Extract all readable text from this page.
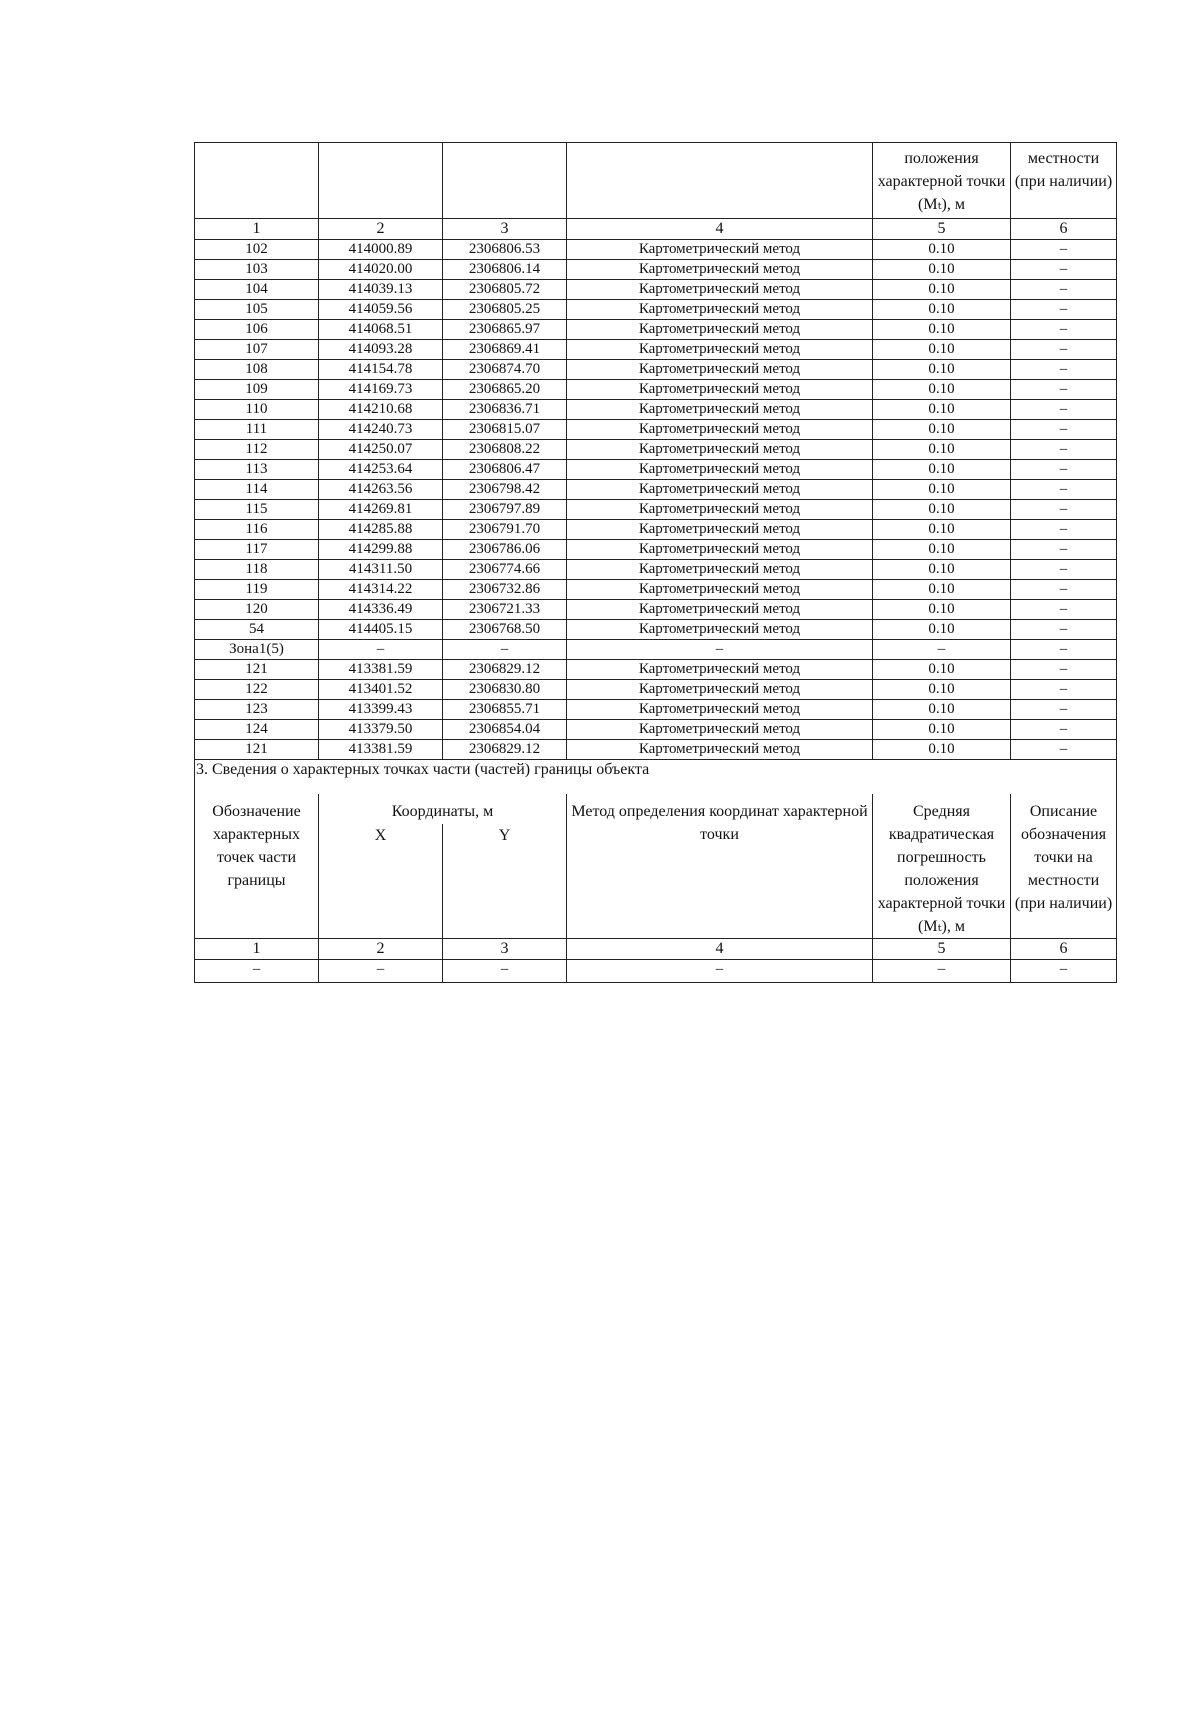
				положения характерной точки (Mₜ), м	местности (при наличии)
1	2	3	4	5	6
102	414000.89	2306806.53	Картометрический метод	0.10	–
103	414020.00	2306806.14	Картометрический метод	0.10	–
104	414039.13	2306805.72	Картометрический метод	0.10	–
105	414059.56	2306805.25	Картометрический метод	0.10	–
106	414068.51	2306865.97	Картометрический метод	0.10	–
107	414093.28	2306869.41	Картометрический метод	0.10	–
108	414154.78	2306874.70	Картометрический метод	0.10	–
109	414169.73	2306865.20	Картометрический метод	0.10	–
110	414210.68	2306836.71	Картометрический метод	0.10	–
111	414240.73	2306815.07	Картометрический метод	0.10	–
112	414250.07	2306808.22	Картометрический метод	0.10	–
113	414253.64	2306806.47	Картометрический метод	0.10	–
114	414263.56	2306798.42	Картометрический метод	0.10	–
115	414269.81	2306797.89	Картометрический метод	0.10	–
116	414285.88	2306791.70	Картометрический метод	0.10	–
117	414299.88	2306786.06	Картометрический метод	0.10	–
118	414311.50	2306774.66	Картометрический метод	0.10	–
119	414314.22	2306732.86	Картометрический метод	0.10	–
120	414336.49	2306721.33	Картометрический метод	0.10	–
54	414405.15	2306768.50	Картометрический метод	0.10	–
Зона1(5)	–	–	–	–	–
121	413381.59	2306829.12	Картометрический метод	0.10	–
122	413401.52	2306830.80	Картометрический метод	0.10	–
123	413399.43	2306855.71	Картометрический метод	0.10	–
124	413379.50	2306854.04	Картометрический метод	0.10	–
121	413381.59	2306829.12	Картометрический метод	0.10	–
3. Сведения о характерных точках части (частей) границы объекта					
Обозначение характерных точек части границы	Координаты, м		Метод определения координат характерной точки	Средняя квадратическая погрешность положения характерной точки (Mₜ), м	Описание обозначения точки на местности (при наличии)
	X	Y			
1	2	3	4	5	6
–	–	–	–	–	–
